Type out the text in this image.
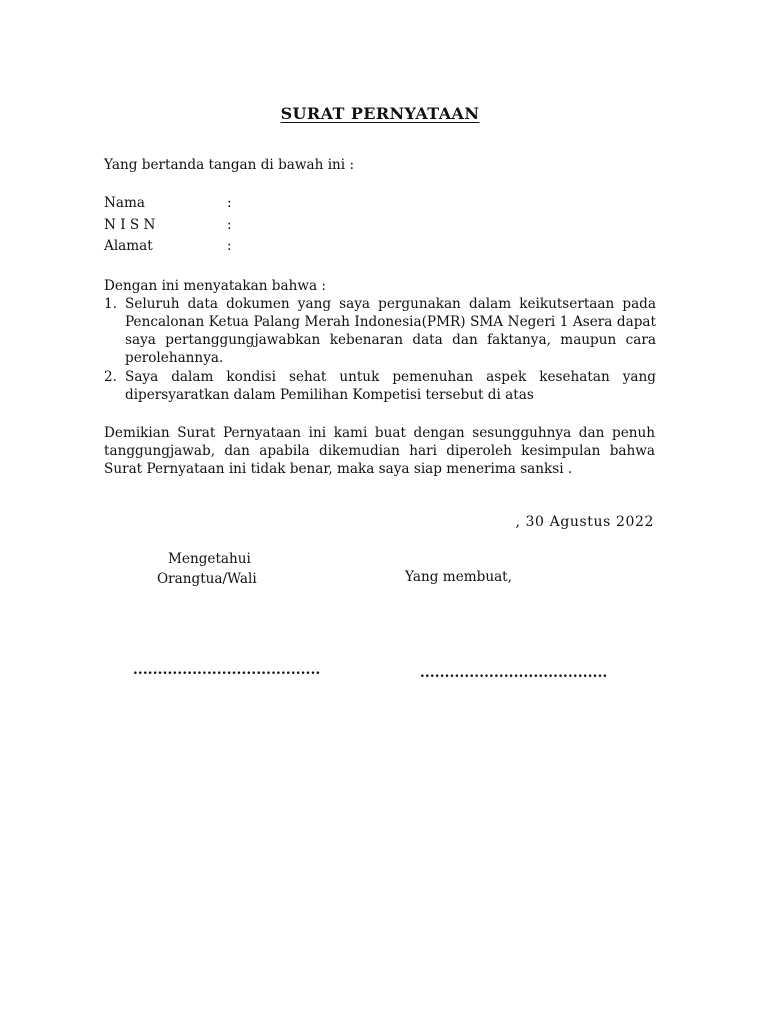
SURAT PERNYATAAN
Yang bertanda tangan di bawah ini :
Nama	:
N I S N	:
Alamat	:
Dengan ini menyatakan bahwa :
1. Seluruh data dokumen yang saya pergunakan dalam keikutsertaan pada Pencalonan Ketua Palang Merah Indonesia(PMR) SMA Negeri 1 Asera dapat saya pertanggungjawabkan kebenaran data dan faktanya, maupun cara perolehannya.
2. Saya dalam kondisi sehat untuk pemenuhan aspek kesehatan yang dipersyaratkan dalam Pemilihan Kompetisi tersebut di atas
Demikian Surat Pernyataan ini kami buat dengan sesungguhnya dan penuh tanggungjawab, dan apabila dikemudian hari diperoleh kesimpulan bahwa Surat Pernyataan ini tidak benar, maka saya siap menerima sanksi .
, 30 Agustus 2022
Mengetahui
Orangtua/Wali	Yang membuat,
......................................	......................................
